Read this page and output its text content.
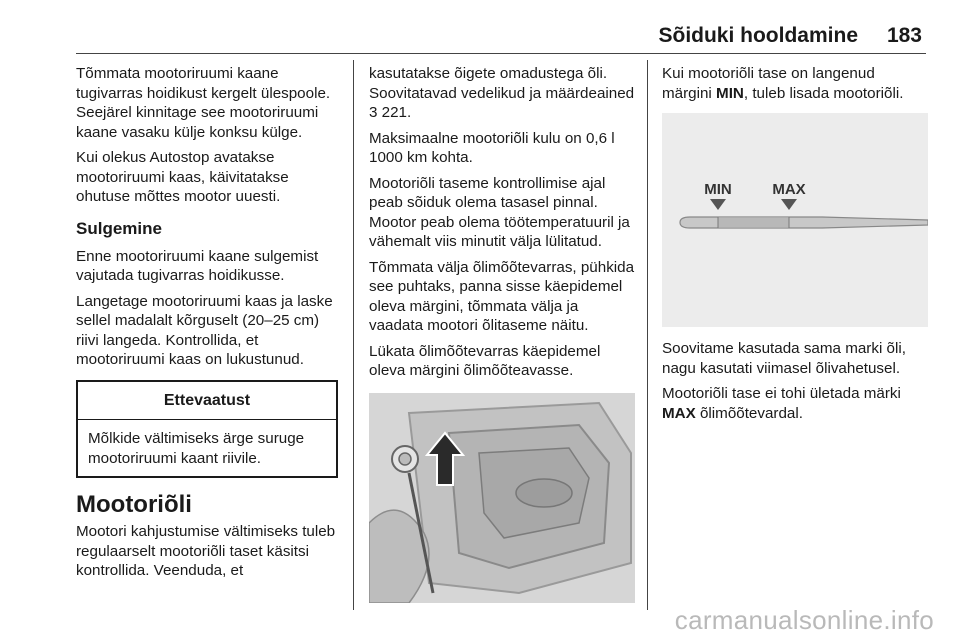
Sõiduki hooldamine 183

Tõmmata mootoriruumi kaane tugivarras hoidikust kergelt ülespoole. Seejärel kinnitage see mootoriruumi kaane vasaku külje konksu külge.

Kui olekus Autostop avatakse mootoriruumi kaas, käivitatakse ohutuse mõttes mootor uuesti.

Sulgemine

Enne mootoriruumi kaane sulgemist vajutada tugivarras hoidikusse.

Langetage mootoriruumi kaas ja laske sellel madalalt kõrguselt (20–25 cm) riivi langeda. Kontrollida, et mootoriruumi kaas on lukustunud.

Ettevaatust
Mõlkide vältimiseks ärge suruge mootoriruumi kaant riivile.
Mootoriõli

Mootori kahjustumise vältimiseks tuleb regulaarselt mootoriõli taset käsitsi kontrollida. Veenduda, et

kasutatakse õigete omadustega õli. Soovitatavad vedelikud ja määrdeained 3 221.

Maksimaalne mootoriõli kulu on 0,6 l 1000 km kohta.

Mootoriõli taseme kontrollimise ajal peab sõiduk olema tasasel pinnal. Mootor peab olema töötemperatuuril ja vähemalt viis minutit välja lülitatud.

Tõmmata välja õlimõõtevarras, pühkida see puhtaks, panna sisse käepidemel oleva märgini, tõmmata välja ja vaadata mootori õlitaseme näitu.

Lükata õlimõõtevarras käepidemel oleva märgini õlimõõteavasse.

Kui mootoriõli tase on langenud märgini MIN, tuleb lisada mootoriõli.

MIN	MAX

Soovitame kasutada sama marki õli, nagu kasutati viimasel õlivahetusel.

Mootoriõli tase ei tohi ületada märki MAX õlimõõtevardal.

carmanualsonline.info
